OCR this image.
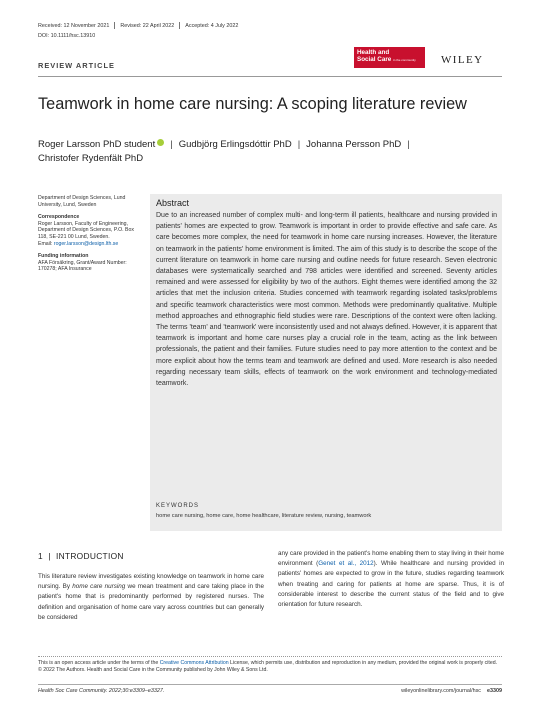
Received: 12 November 2021 Revised: 22 April 2022 Accepted: 4 July 2022
DOI: 10.1111/hsc.13910
REVIEW ARTICLE
Health and
Social Care in the community	WILEY
Teamwork in home care nursing: A scoping literature review
Roger Larsson PhD student | Gudbjörg Erlingsdóttir PhD | Johanna Persson PhD |
Christofer Rydenfält PhD
Department of Design Sciences, Lund University, Lund, Sweden
Correspondence
Roger Larsson, Faculty of Engineering, Department of Design Sciences, P.O. Box 118, SE-221 00 Lund, Sweden.
Email: roger.larsson@design.lth.se
Funding information
AFA Försäkring, Grant/Award Number: 170278; AFA Insurance
Abstract
Due to an increased number of complex multi- and long-term ill patients, healthcare and nursing provided in patients' homes are expected to grow. Teamwork is important in order to provide effective and safe care. As care becomes more complex, the need for teamwork in home care nursing increases. However, the literature on teamwork in the patients' home environment is limited. The aim of this study is to describe the scope of the current literature on teamwork in home care nursing and outline needs for future research. Seven electronic databases were systematically searched and 798 articles were identified and screened. Seventy articles remained and were assessed for eligibility by two of the authors. Eight themes were identified among the 32 articles that met the inclusion criteria. Studies concerned with teamwork regarding isolated tasks/problems and specific teamwork characteristics were most common. Methods were predominantly qualitative. Multiple method approaches and ethnographic field studies were rare. Descriptions of the context were often lacking. The terms 'team' and 'teamwork' were inconsistently used and not always defined. However, it is apparent that teamwork is important and home care nurses play a crucial role in the team, acting as the link between professionals, the patient and their families. Future studies need to pay more attention to the context and be more explicit about how the terms team and teamwork are defined and used. More research is also needed regarding necessary team skills, effects of teamwork on the work environment and technology-mediated teamwork.
KEYWORDS
home care nursing, home care, home healthcare, literature review, nursing, teamwork
1  |  INTRODUCTION
This literature review investigates existing knowledge on teamwork in home care nursing. By home care nursing we mean treatment and care taking place in the patient's home that is predominantly performed by registered nurses. The definition and organisation of home care vary across countries but can generally be considered
any care provided in the patient's home enabling them to stay living in their home environment (Genet et al., 2012). While healthcare and nursing provided in patients' homes are expected to grow in the future, studies regarding teamwork when treating and caring for patients at home are sparse. Thus, it is of considerable interest to describe the current status of the field and to give orientation for future research.
This is an open access article under the terms of the Creative Commons Attribution License, which permits use, distribution and reproduction in any medium, provided the original work is properly cited.
© 2022 The Authors. Health and Social Care in the Community published by John Wiley & Sons Ltd.
Health Soc Care Community. 2022;30:e3309–e3327.	wileyonlinelibrary.com/journal/hsc e3309
